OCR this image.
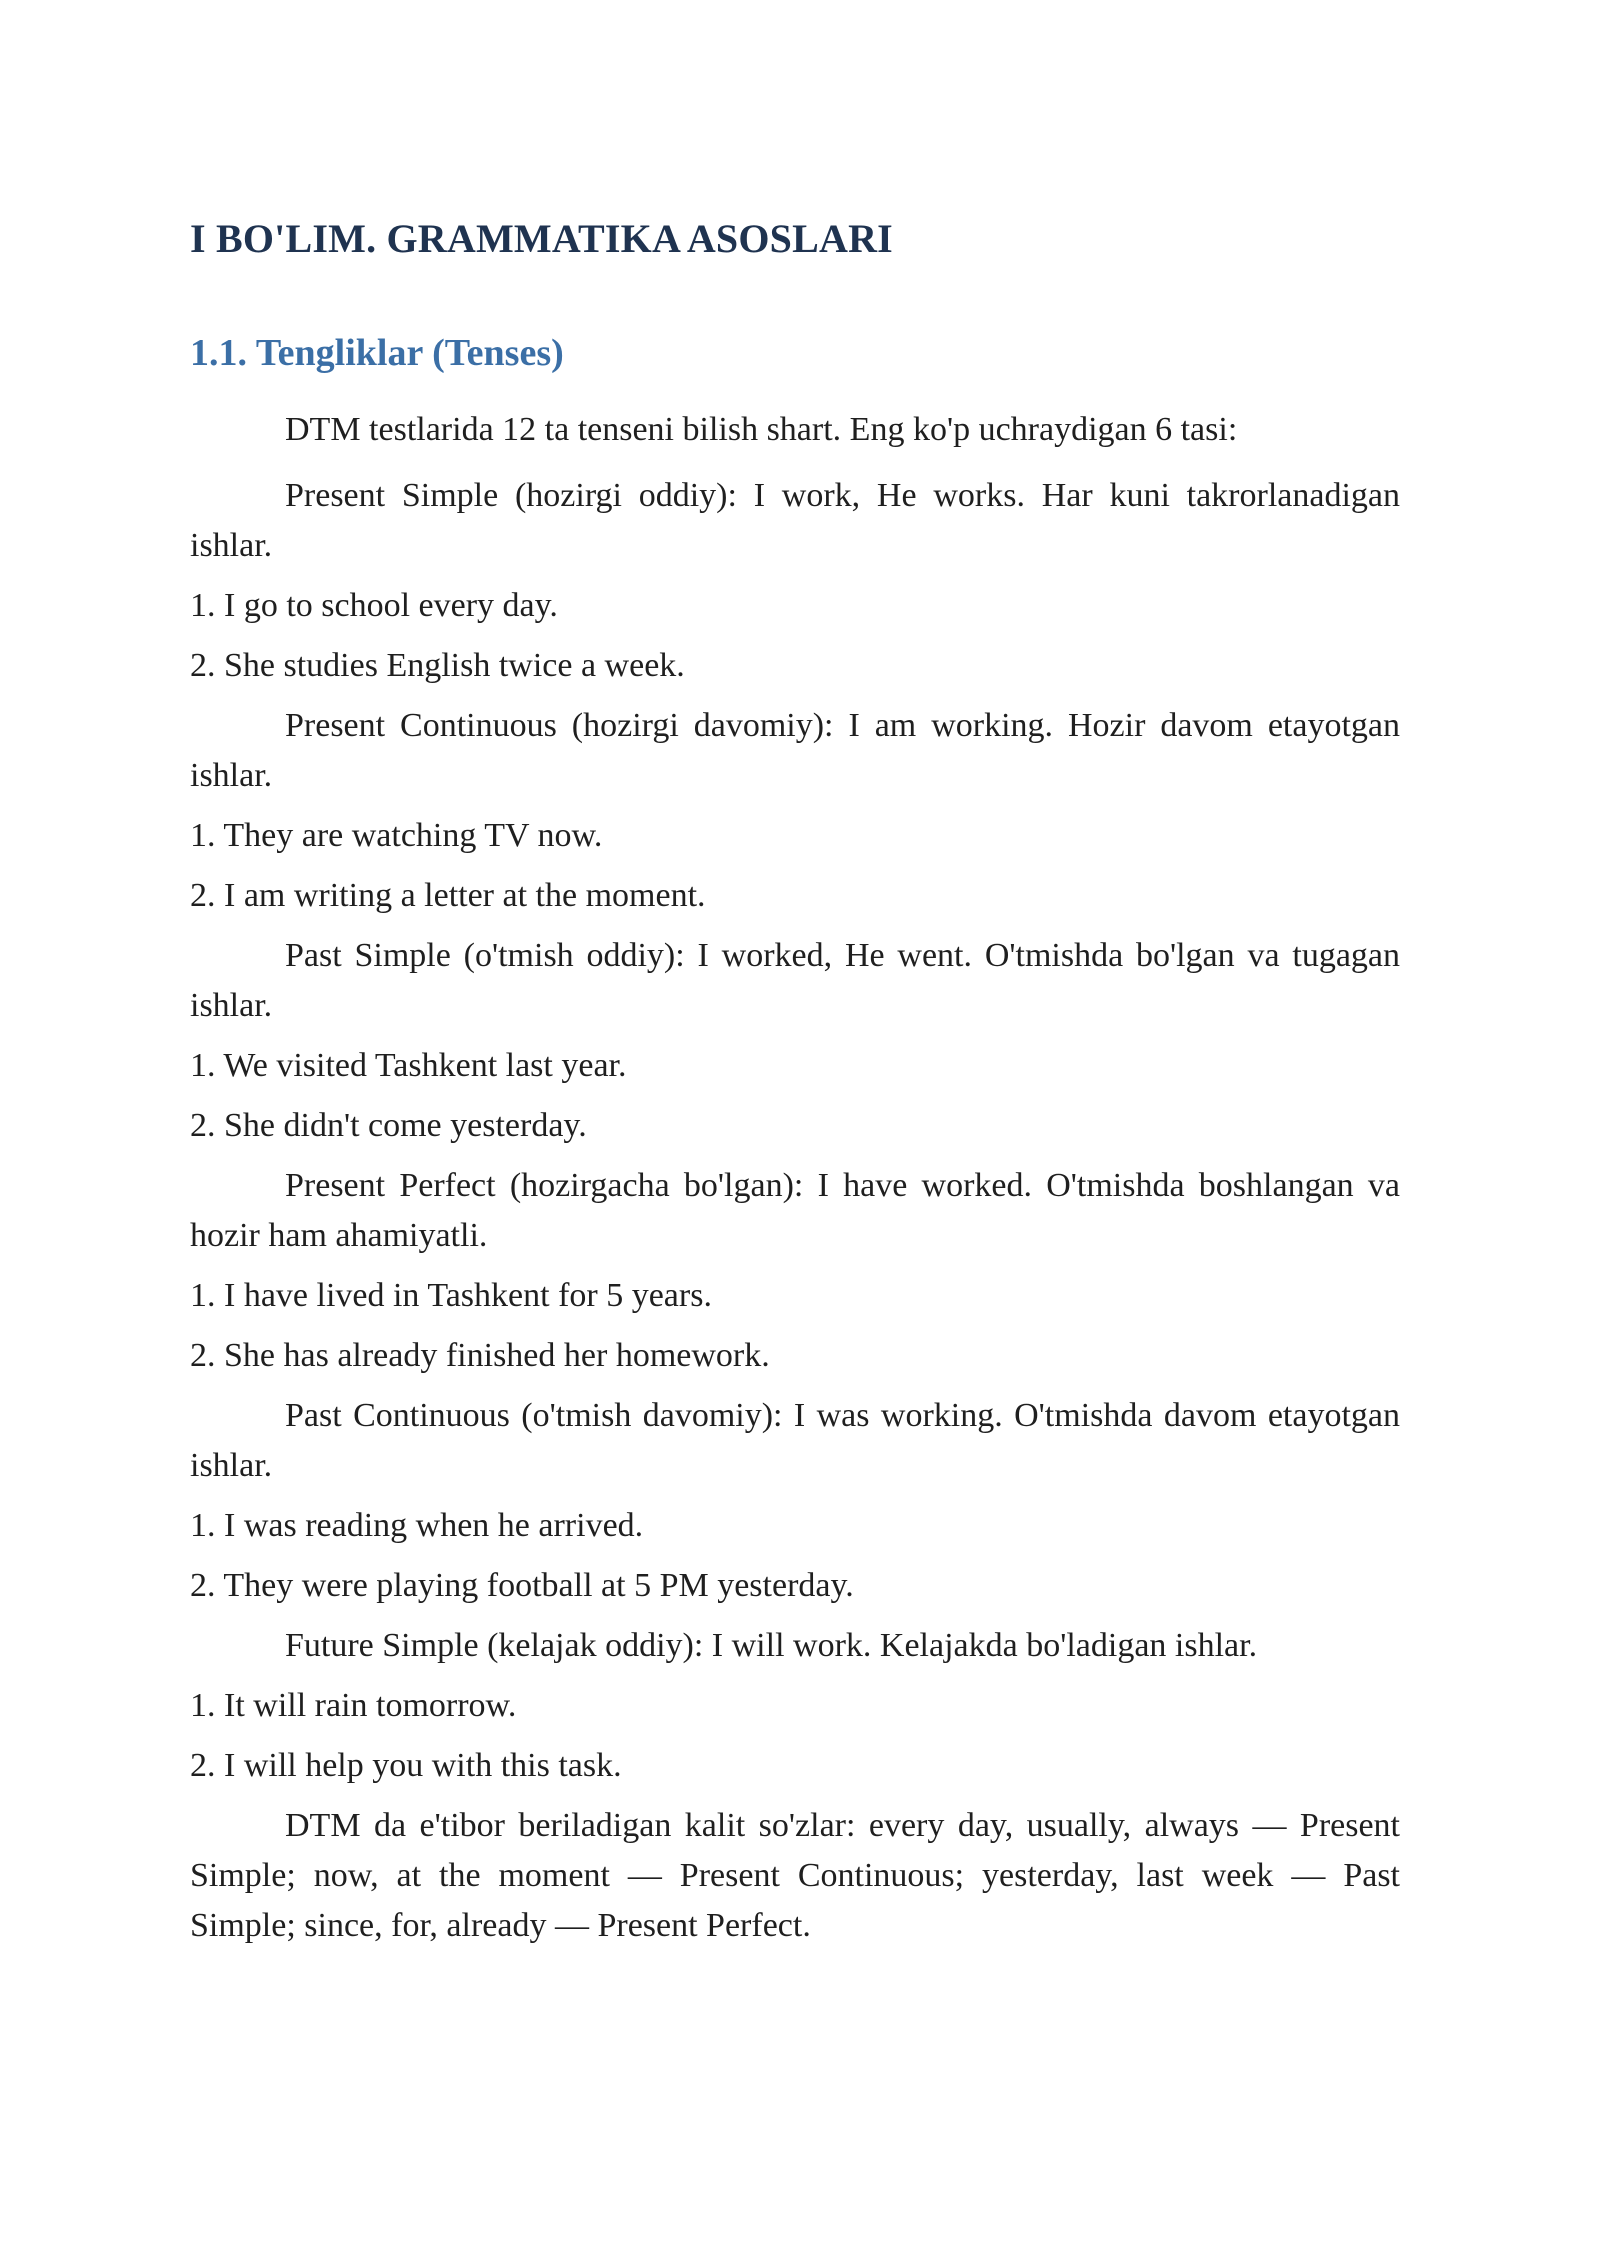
I BO'LIM. GRAMMATIKA ASOSLARI
1.1. Tengliklar (Tenses)

DTM testlarida 12 ta tenseni bilish shart. Eng ko'p uchraydigan 6 tasi:

Present Simple (hozirgi oddiy): I work, He works. Har kuni takrorlanadigan ishlar.

1. I go to school every day.

2. She studies English twice a week.

Present Continuous (hozirgi davomiy): I am working. Hozir davom etayotgan ishlar.

1. They are watching TV now.

2. I am writing a letter at the moment.

Past Simple (o'tmish oddiy): I worked, He went. O'tmishda bo'lgan va tugagan ishlar.

1. We visited Tashkent last year.

2. She didn't come yesterday.

Present Perfect (hozirgacha bo'lgan): I have worked. O'tmishda boshlangan va hozir ham ahamiyatli.

1. I have lived in Tashkent for 5 years.

2. She has already finished her homework.

Past Continuous (o'tmish davomiy): I was working. O'tmishda davom etayotgan ishlar.

1. I was reading when he arrived.

2. They were playing football at 5 PM yesterday.

Future Simple (kelajak oddiy): I will work. Kelajakda bo'ladigan ishlar.

1. It will rain tomorrow.

2. I will help you with this task.

DTM da e'tibor beriladigan kalit so'zlar: every day, usually, always — Present Simple; now, at the moment — Present Continuous; yesterday, last week — Past Simple; since, for, already — Present Perfect.
